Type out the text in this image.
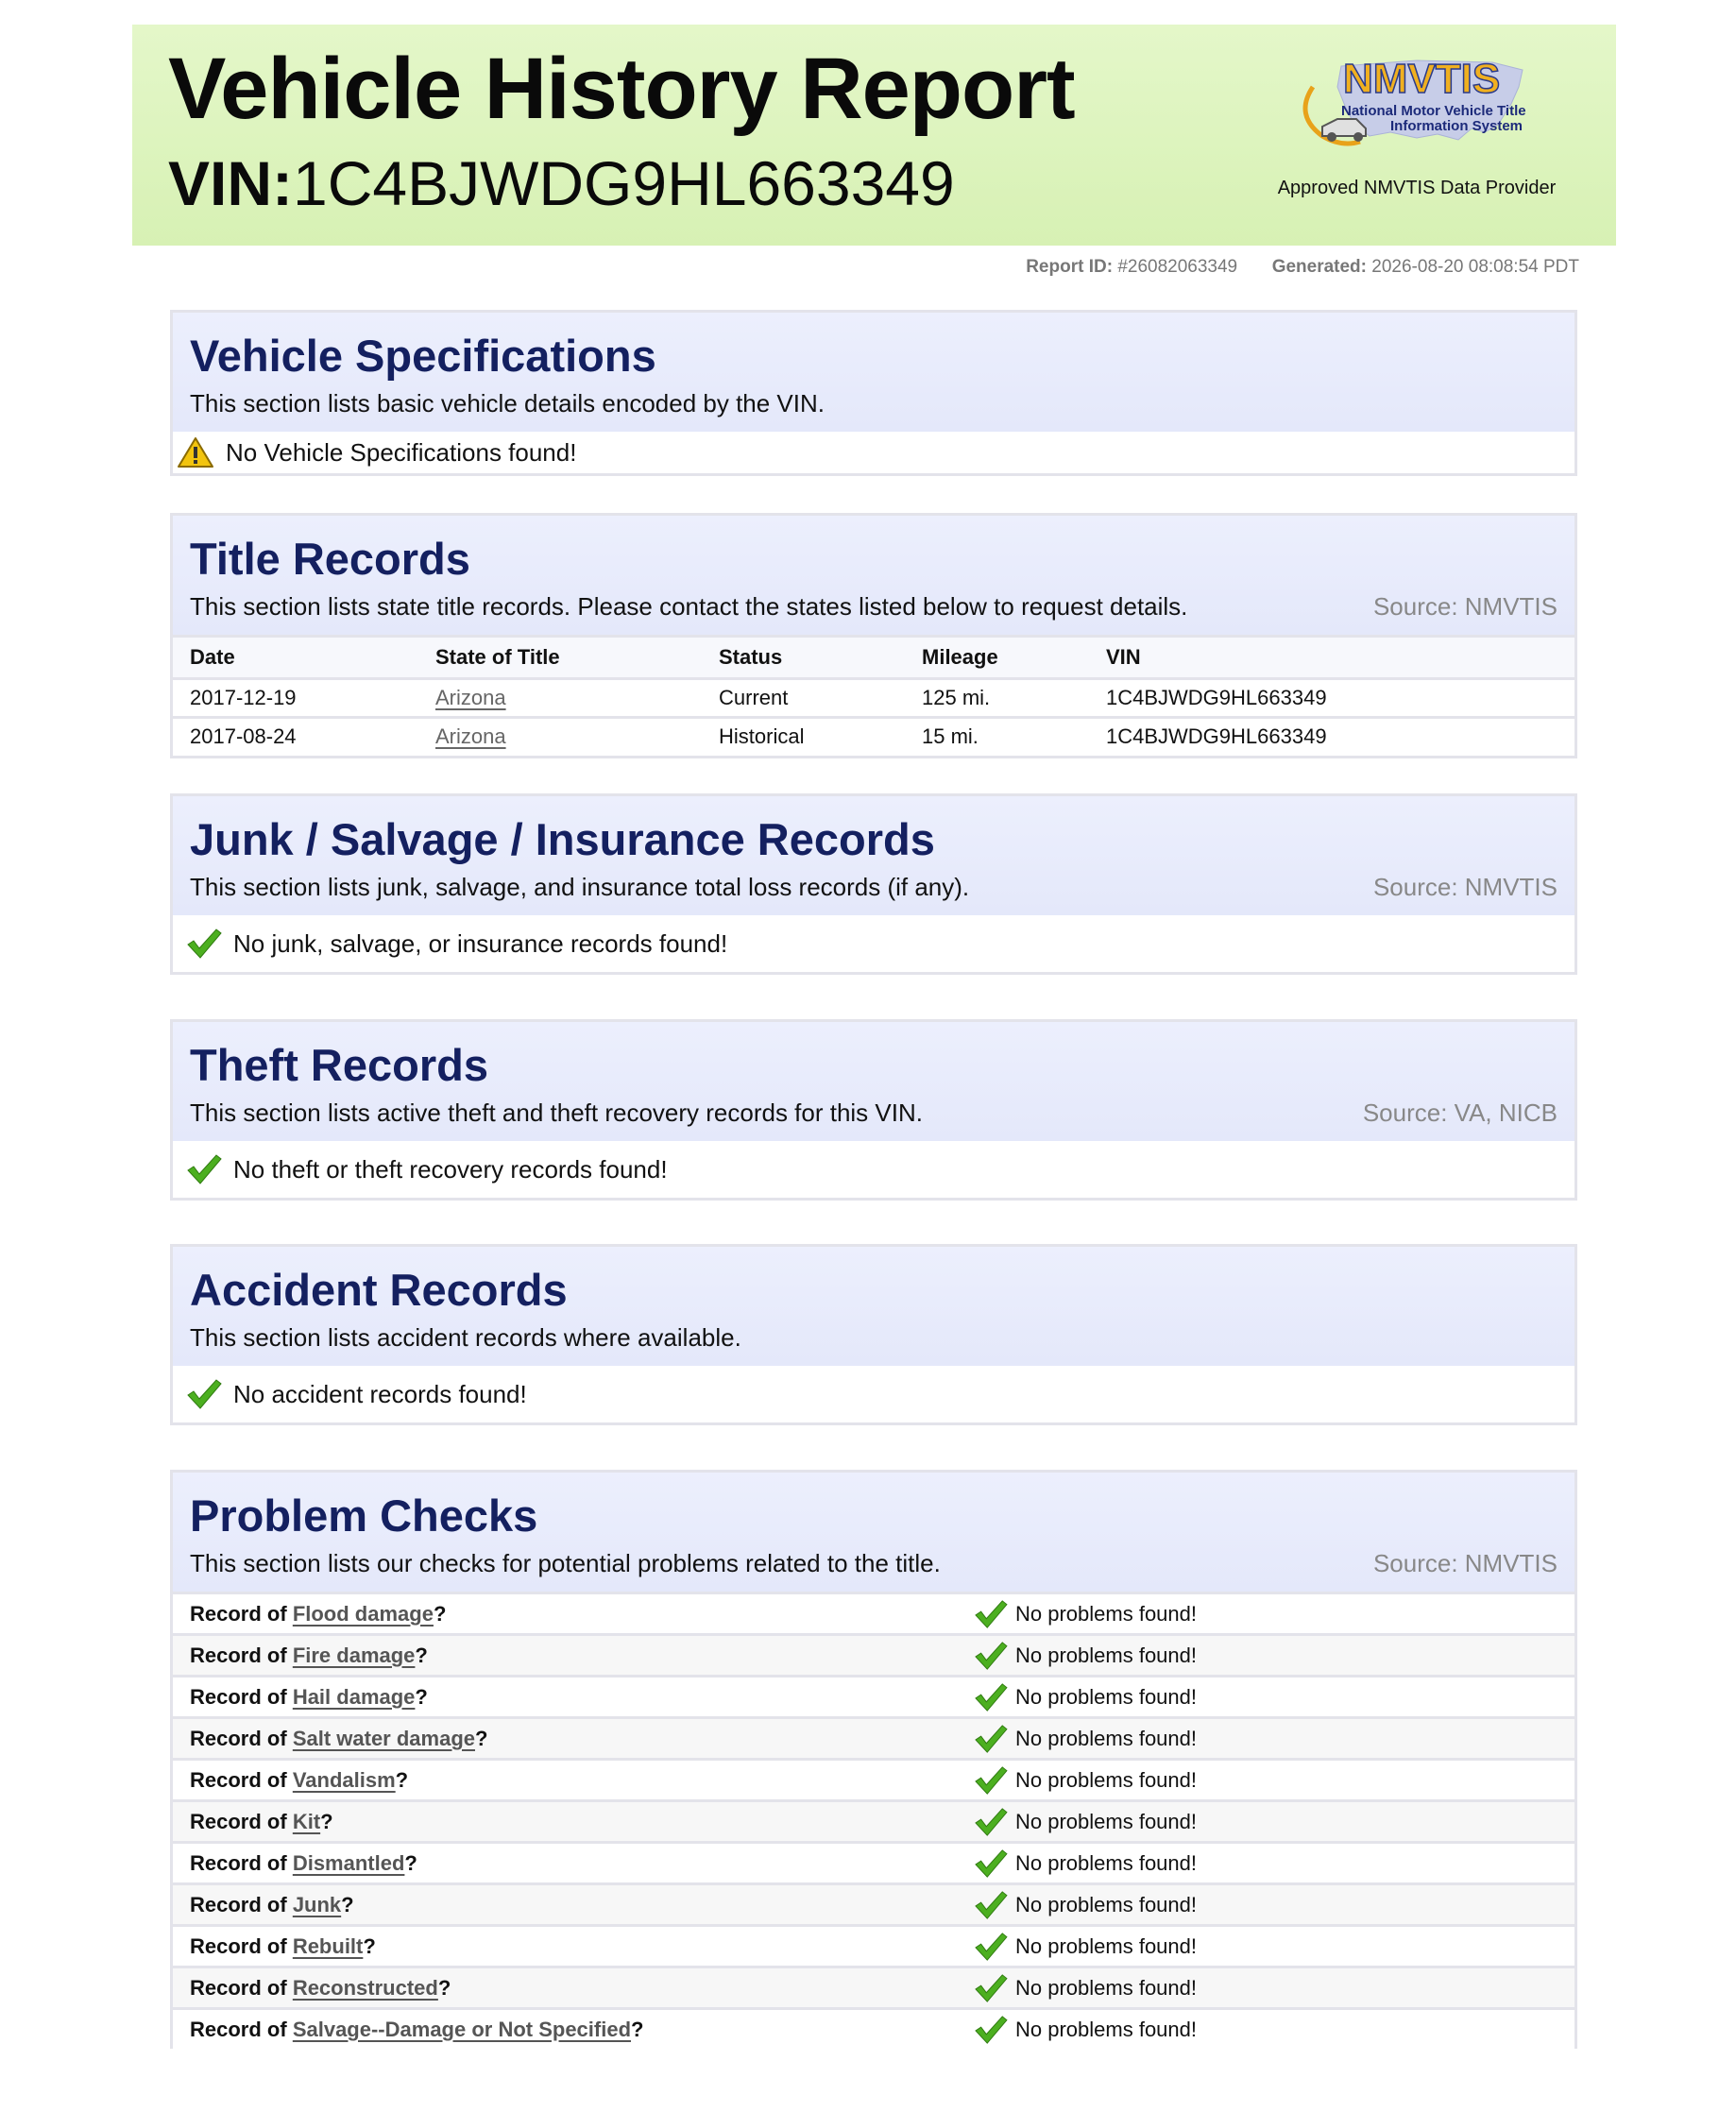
Vehicle History Report
VIN:1C4BJWDG9HL663349
NMVTIS
National Motor Vehicle Title
Information System
Approved NMVTIS Data Provider
Report ID: #26082063349 Generated: 2026-08-20 08:08:54 PDT
Vehicle Specifications
This section lists basic vehicle details encoded by the VIN.
No Vehicle Specifications found!
Title Records
This section lists state title records. Please contact the states listed below to request details.	Source: NMVTIS
Date	State of Title	Status	Mileage	VIN
2017-12-19	Arizona	Current	125 mi.	1C4BJWDG9HL663349
2017-08-24	Arizona	Historical	15 mi.	1C4BJWDG9HL663349
Junk / Salvage / Insurance Records
This section lists junk, salvage, and insurance total loss records (if any).	Source: NMVTIS
No junk, salvage, or insurance records found!
Theft Records
This section lists active theft and theft recovery records for this VIN.	Source: VA, NICB
No theft or theft recovery records found!
Accident Records
This section lists accident records where available.
No accident records found!
Problem Checks
This section lists our checks for potential problems related to the title.	Source: NMVTIS
Record of Flood damage?	No problems found!
Record of Fire damage?	No problems found!
Record of Hail damage?	No problems found!
Record of Salt water damage?	No problems found!
Record of Vandalism?	No problems found!
Record of Kit?	No problems found!
Record of Dismantled?	No problems found!
Record of Junk?	No problems found!
Record of Rebuilt?	No problems found!
Record of Reconstructed?	No problems found!
Record of Salvage--Damage or Not Specified?	No problems found!
